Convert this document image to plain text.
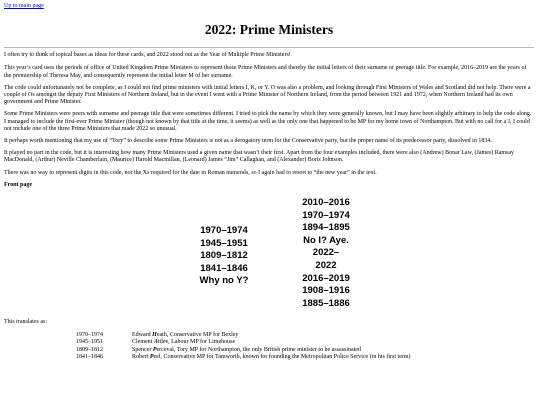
Up to main page
2022: Prime Ministers

I often try to think of topical bases as ideas for these cards, and 2022 stood out as the Year of Multiple Prime Ministers!

This year’s card uses the periods of office of United Kingdom Prime Ministers to represent those Prime Ministers and thereby the initial letters of their surname or peerage title. For example, 2016–2019 are the years of the premiership of Theresa May, and consequently represent the initial letter M of her surname.

The code could unfortunately not be complete, as I could not find prime ministers with initial letters I, K, or Y. O was also a problem, and looking through First Ministers of Wales and Scotland did not help. There were a couple of Os amongst the deputy First Ministers of Northern Ireland, but in the event I went with a Prime Minister of Northern Ireland, from the period between 1921 and 1972, when Northern Ireland had its own government and Prime Minister.

Some Prime Ministers were peers with surname and peerage title that were sometimes different. I tried to pick the name by which they were generally known, but I may have been slightly arbitrary to help the code along. I managed to include the first-ever Prime Minister (though not known by that title at the time, it seems) as well as the only one that happened to be MP for my home town of Northampton. But with no call for a J, I could not include one of the three Prime Ministers that made 2022 so unusual.

It perhaps worth mentioning that my use of “Tory” to describe some Prime Ministers is not as a derogatory term for the Conservative party, but the proper name of its predecessor party, dissolved in 1834.

It played no part in the code, but it is interesting how many Prime Ministers used a given name that wasn’t their first. Apart from the four examples included, there were also (Andrew) Bonar Law, (James) Ramsay MacDonald, (Arthur) Neville Chamberlain, (Maurice) Harold Macmillan, (Leonard) James “Jim” Callaghan, and (Alexander) Boris Johnson.

There was no way to represent digits in this code, nor the Xs required for the date in Roman numerals, so I again had to resort to “the new year” in the text.

Front page
1970–1974
1945–1951
1809–1812
1841–1846
Why no Y?
2010–2016
1970–1974
1894–1895
No I? Aye.
2022–
2022
2016–2019
1908–1916
1885–1886

This translates as:

1970–1974	Edward Heath, Conservative MP for Bexley
1945–1951	Clement Attlee, Labour MP for Limehouse
1809–1812	Spencer Perceval, Tory MP for Northampton, the only British prime minister to be assassinated
1841–1846	Robert Peel, Conservative MP for Tamworth, known for founding the Metropolitan Police Service (in his first term)
